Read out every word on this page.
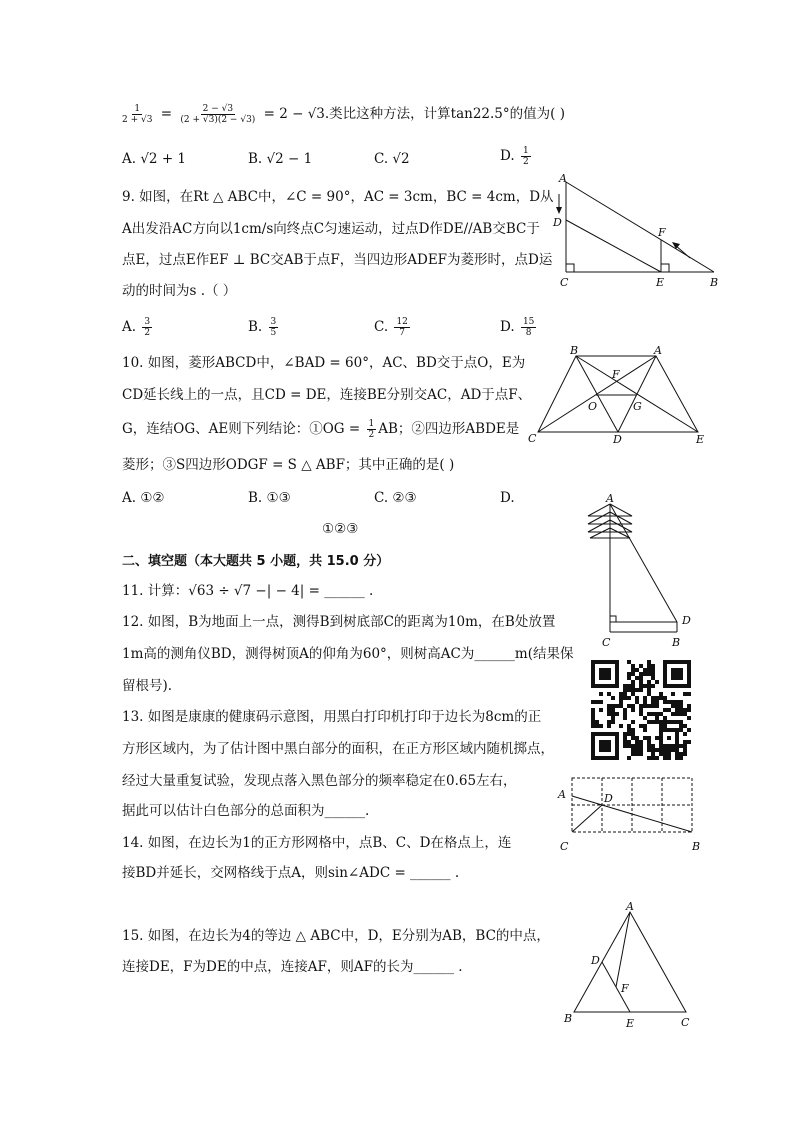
$\frac{1}{2 + √3} = \frac{2 - √3}{(2 + √3)(2 - √3)} = 2 - √3$.类比这种方法，计算tan22.5°的值为( )
A. √2 + 1	B. √2 − 1	C. √2	D. $\frac{1}{2}$
9. 如图，在Rt △ ABC中，∠C = 90°，AC = 3cm，BC = 4cm，D从
A出发沿AC方向以1cm/s向终点C匀速运动，过点D作DE//AB交BC于
点E，过点E作EF ⊥ BC交AB于点F，当四边形ADEF为菱形时，点D运
动的时间为s .（ ）
A. $\frac{3}{2}$	B. $\frac{3}{5}$	C. $\frac{12}{7}$	D. $\frac{15}{8}$
A
D
F
C	E	B
10. 如图，菱形ABCD中，∠BAD = 60°，AC、BD交于点O，E为
CD延长线上的一点，且CD = DE，连接BE分别交AC，AD于点F、
G，连结OG、AE则下列结论：①OG = $\frac{1}{2}$ AB；②四边形ABDE是
菱形；③S四边形ODGF = S △ ABF；其中正确的是( )
A. ①②	B. ①③	C. ②③	D.
①②③
B	A
F
O	G
C	D	E
二、填空题（本大题共 5 小题，共 15.0 分）
11. 计算：√63 ÷ √7 −| − 4| = ______ .
12. 如图，B为地面上一点，测得B到树底部C的距离为10m，在B处放置
1m高的测角仪BD，测得树顶A的仰角为60°，则树高AC为______m(结果保
留根号).
A
D
C	B
13. 如图是康康的健康码示意图，用黑白打印机打印于边长为8cm的正
方形区域内，为了估计图中黑白部分的面积，在正方形区域内随机掷点，
经过大量重复试验，发现点落入黑色部分的频率稳定在0.65左右，
据此可以估计白色部分的总面积为______.
14. 如图，在边长为1的正方形网格中，点B、C、D在格点上，连
接BD并延长，交网格线于点A，则sin∠ADC = ______ .
A	D
C	B
15. 如图，在边长为4的等边 △ ABC中，D，E分别为AB，BC的中点，
连接DE，F为DE的中点，连接AF，则AF的长为______ .
A
D
F
B	E	C
